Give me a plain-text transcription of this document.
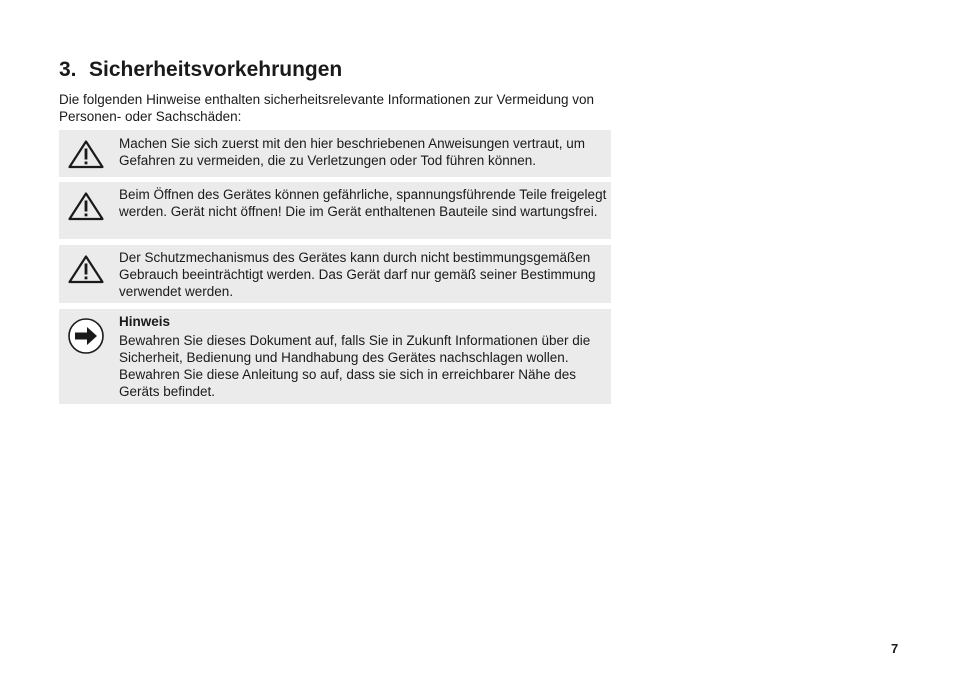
3. Sicherheitsvorkehrungen

Die folgenden Hinweise enthalten sicherheitsrelevante Informationen zur Vermeidung von Personen- oder Sachschäden:

Machen Sie sich zuerst mit den hier beschriebenen Anweisungen vertraut, um Gefahren zu vermeiden, die zu Verletzungen oder Tod führen können.
Beim Öffnen des Gerätes können gefährliche, spannungsführende Teile freigelegt werden. Gerät nicht öffnen! Die im Gerät enthaltenen Bauteile sind wartungsfrei.
Der Schutzmechanismus des Gerätes kann durch nicht bestimmungsgemäßen Gebrauch beeinträchtigt werden. Das Gerät darf nur gemäß seiner Bestimmung verwendet werden.

Hinweis

Bewahren Sie dieses Dokument auf, falls Sie in Zukunft Informationen über die Sicherheit, Bedienung und Handhabung des Gerätes nachschlagen wollen. Bewahren Sie diese Anleitung so auf, dass sie sich in erreichbarer Nähe des Geräts befindet.

7
